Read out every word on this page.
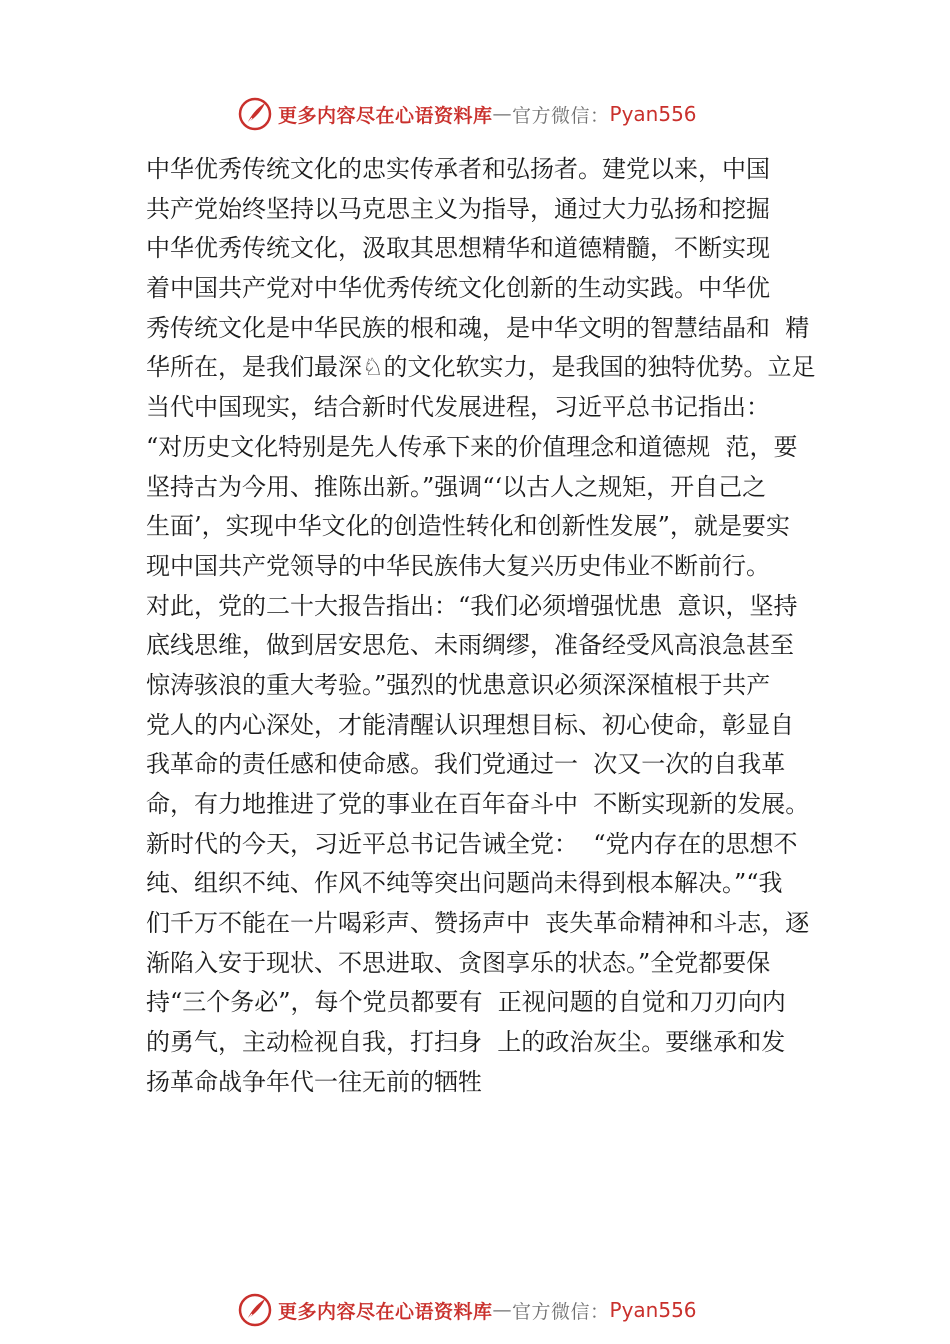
更多内容尽在心语资料库 — 官方微信： Pyan556
中华优秀传统文化的忠实传承者和弘扬者。建党以来，中国
共产党始终坚持以马克思主义为指导，通过大力弘扬和挖掘
中华优秀传统文化，汲取其思想精华和道德精髓，不断实现
着中国共产党对中华优秀传统文化创新的生动实践。中华优
秀传统文化是中华民族的根和魂，是中华文明的智慧结晶和  精
华所在，是我们最深♘的文化软实力，是我国的独特优势。立足
当代中国现实，结合新时代发展进程，习近平总书记指出：
“对历史文化特别是先人传承下来的价值理念和道德规  范，要
坚持古为今用、推陈出新。”强调“‘以古人之规矩，开自己之
生面’，实现中华文化的创造性转化和创新性发展”，就是要实
现中国共产党领导的中华民族伟大复兴历史伟业不断前行。
对此，党的二十大报告指出：“我们必须增强忧患  意识，坚持
底线思维，做到居安思危、未雨绸缪，准备经受风高浪急甚至
惊涛骇浪的重大考验。”强烈的忧患意识必须深深植根于共产
党人的内心深处，才能清醒认识理想目标、初心使命，彰显自
我革命的责任感和使命感。我们党通过一  次又一次的自我革
命，有力地推进了党的事业在百年奋斗中  不断实现新的发展。
新时代的今天，习近平总书记告诫全党：  “党内存在的思想不
纯、组织不纯、作风不纯等突出问题尚未得到根本解决。”“我
们千万不能在一片喝彩声、赞扬声中  丧失革命精神和斗志，逐
渐陷入安于现状、不思进取、贪图享乐的状态。”全党都要保
持“三个务必”，每个党员都要有  正视问题的自觉和刀刃向内
的勇气，主动检视自我，打扫身  上的政治灰尘。要继承和发
扬革命战争年代一往无前的牺牲
更多内容尽在心语资料库 — 官方微信： Pyan556
